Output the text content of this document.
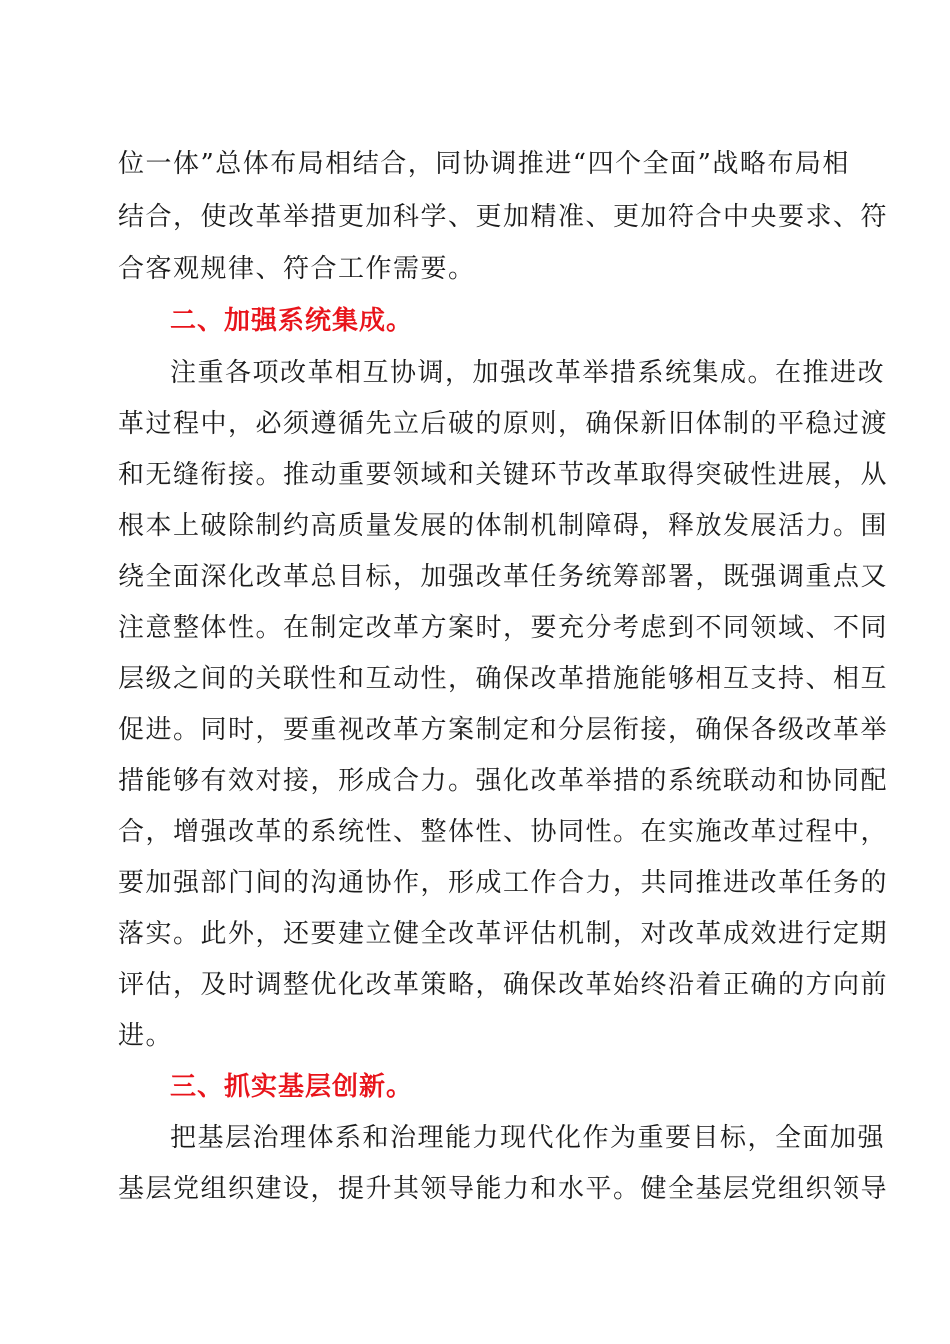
位一体”总体布局相结合，同协调推进“四个全面”战略布局相
结合，使改革举措更加科学、更加精准、更加符合中央要求、符
合客观规律、符合工作需要。
二、加强系统集成。
注重各项改革相互协调，加强改革举措系统集成。在推进改
革过程中，必须遵循先立后破的原则，确保新旧体制的平稳过渡
和无缝衔接。推动重要领域和关键环节改革取得突破性进展，从
根本上破除制约高质量发展的体制机制障碍，释放发展活力。围
绕全面深化改革总目标，加强改革任务统筹部署，既强调重点又
注意整体性。在制定改革方案时，要充分考虑到不同领域、不同
层级之间的关联性和互动性，确保改革措施能够相互支持、相互
促进。同时，要重视改革方案制定和分层衔接，确保各级改革举
措能够有效对接，形成合力。强化改革举措的系统联动和协同配
合，增强改革的系统性、整体性、协同性。在实施改革过程中，
要加强部门间的沟通协作，形成工作合力，共同推进改革任务的
落实。此外，还要建立健全改革评估机制，对改革成效进行定期
评估，及时调整优化改革策略，确保改革始终沿着正确的方向前
进。
三、抓实基层创新。
把基层治理体系和治理能力现代化作为重要目标，全面加强
基层党组织建设，提升其领导能力和水平。健全基层党组织领导
